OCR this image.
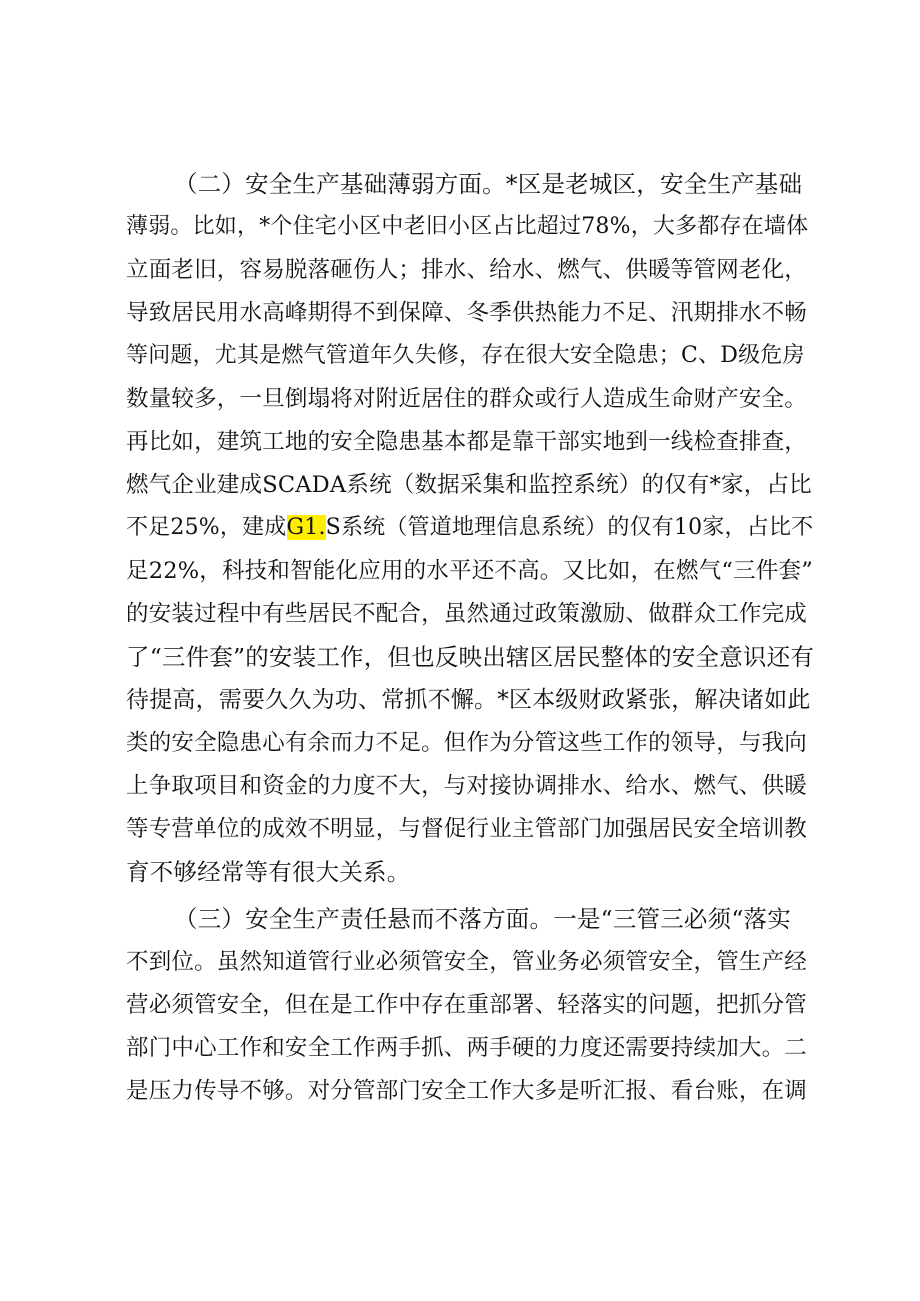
（二）安全生产基础薄弱方面。*区是老城区，安全生产基础
薄弱。比如，*个住宅小区中老旧小区占比超过78%，大多都存在墙体
立面老旧，容易脱落砸伤人；排水、给水、燃气、供暖等管网老化，
导致居民用水高峰期得不到保障、冬季供热能力不足、汛期排水不畅
等问题，尤其是燃气管道年久失修，存在很大安全隐患；C、D级危房
数量较多，一旦倒塌将对附近居住的群众或行人造成生命财产安全。
再比如，建筑工地的安全隐患基本都是靠干部实地到一线检查排查，
燃气企业建成SCADA系统（数据采集和监控系统）的仅有*家，占比
不足25%，建成G1.S系统（管道地理信息系统）的仅有10家，占比不
足22%，科技和智能化应用的水平还不高。又比如，在燃气“三件套”
的安装过程中有些居民不配合，虽然通过政策激励、做群众工作完成
了“三件套”的安装工作，但也反映出辖区居民整体的安全意识还有
待提高，需要久久为功、常抓不懈。*区本级财政紧张，解决诸如此
类的安全隐患心有余而力不足。但作为分管这些工作的领导，与我向
上争取项目和资金的力度不大，与对接协调排水、给水、燃气、供暖
等专营单位的成效不明显，与督促行业主管部门加强居民安全培训教
育不够经常等有很大关系。
（三）安全生产责任悬而不落方面。一是“三管三必须“落实
不到位。虽然知道管行业必须管安全，管业务必须管安全，管生产经
营必须管安全，但在是工作中存在重部署、轻落实的问题，把抓分管
部门中心工作和安全工作两手抓、两手硬的力度还需要持续加大。二
是压力传导不够。对分管部门安全工作大多是听汇报、看台账，在调
